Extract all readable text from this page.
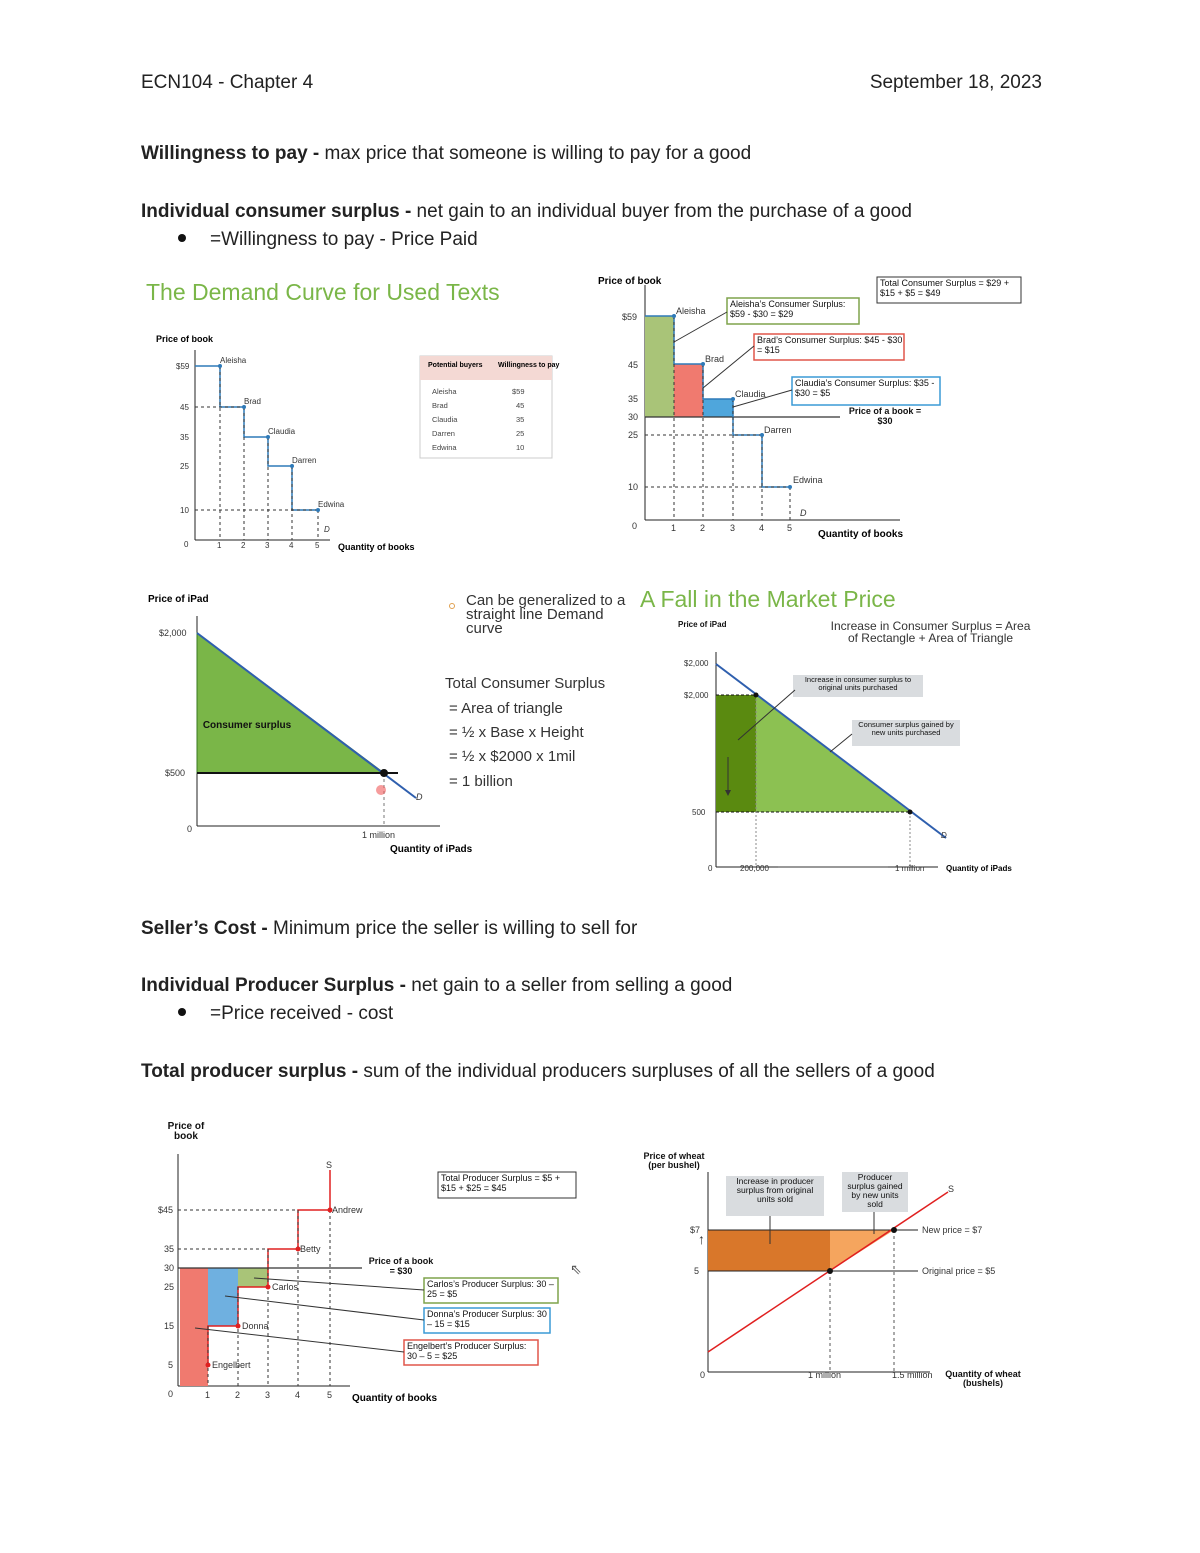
ECN104 - Chapter 4	September 18, 2023
Willingness to pay - max price that someone is willing to pay for a good
Individual consumer surplus - net gain to an individual buyer from the purchase of a good
=Willingness to pay - Price Paid
The Demand Curve for Used Texts
Price of book
$59
45
35
25
10
0	1 2 3 4	5
Aleisha
Brad
Claudia
Darren
Edwina
D
Quantity of books
Potential buyers Willingness to pay
Aleisha	$59
Brad	45
Claudia	35
Darren	25
Edwina	10
Price of book
$59
45
35
30
25
10
0	1	2	3	4	5
Aleisha
Brad
Claudia
Darren
Edwina
D
Quantity of books
Total Consumer Surplus = $29 + $15 + $5 = $49
Aleisha’s Consumer Surplus: $59 - $30 = $29
Brad’s Consumer Surplus: $45 - $30 = $15
Claudia’s Consumer Surplus: $35 - $30 = $5
Price of a book = $30
Price of iPad
$2,000
$500
0
1 million
D
Consumer surplus
Quantity of iPads
Can be generalized to a straight line Demand curve
Total Consumer Surplus
= Area of triangle
= ½ x Base x Height
= ½ x $2000 x 1mil
= 1 billion
A Fall in the Market Price
Price of iPad	Increase in Consumer Surplus = Area of Rectangle + Area of Triangle
$2,000
$2,000
500
0	200,000	1 million
D
Quantity of iPads
Increase in consumer surplus to original units purchased
Consumer surplus gained by new units purchased
Seller’s Cost - Minimum price the seller is willing to sell for
Individual Producer Surplus - net gain to a seller from selling a good
=Price received - cost
Total producer surplus - sum of the individual producers surpluses of all the sellers of a good
Price of book
$45
35
30
25
15
5
0	1	2	3	4	5
Andrew
Betty
Carlos
Donna
Engelbert
S
Quantity of books
Total Producer Surplus = $5 + $15 + $25 = $45
Price of a book = $30
Carlos’s Producer Surplus: 30 – 25 = $5
Donna’s Producer Surplus: 30 – 15 = $15
Engelbert’s Producer Surplus: 30 – 5 = $25
⇖
Price of wheat (per bushel)
$7
5
0	1 million	1.5 million
S
New price = $7
Original price = $5
↑
Quantity of wheat (bushels)
Increase in producer surplus from original units sold
Producer surplus gained by new units sold
